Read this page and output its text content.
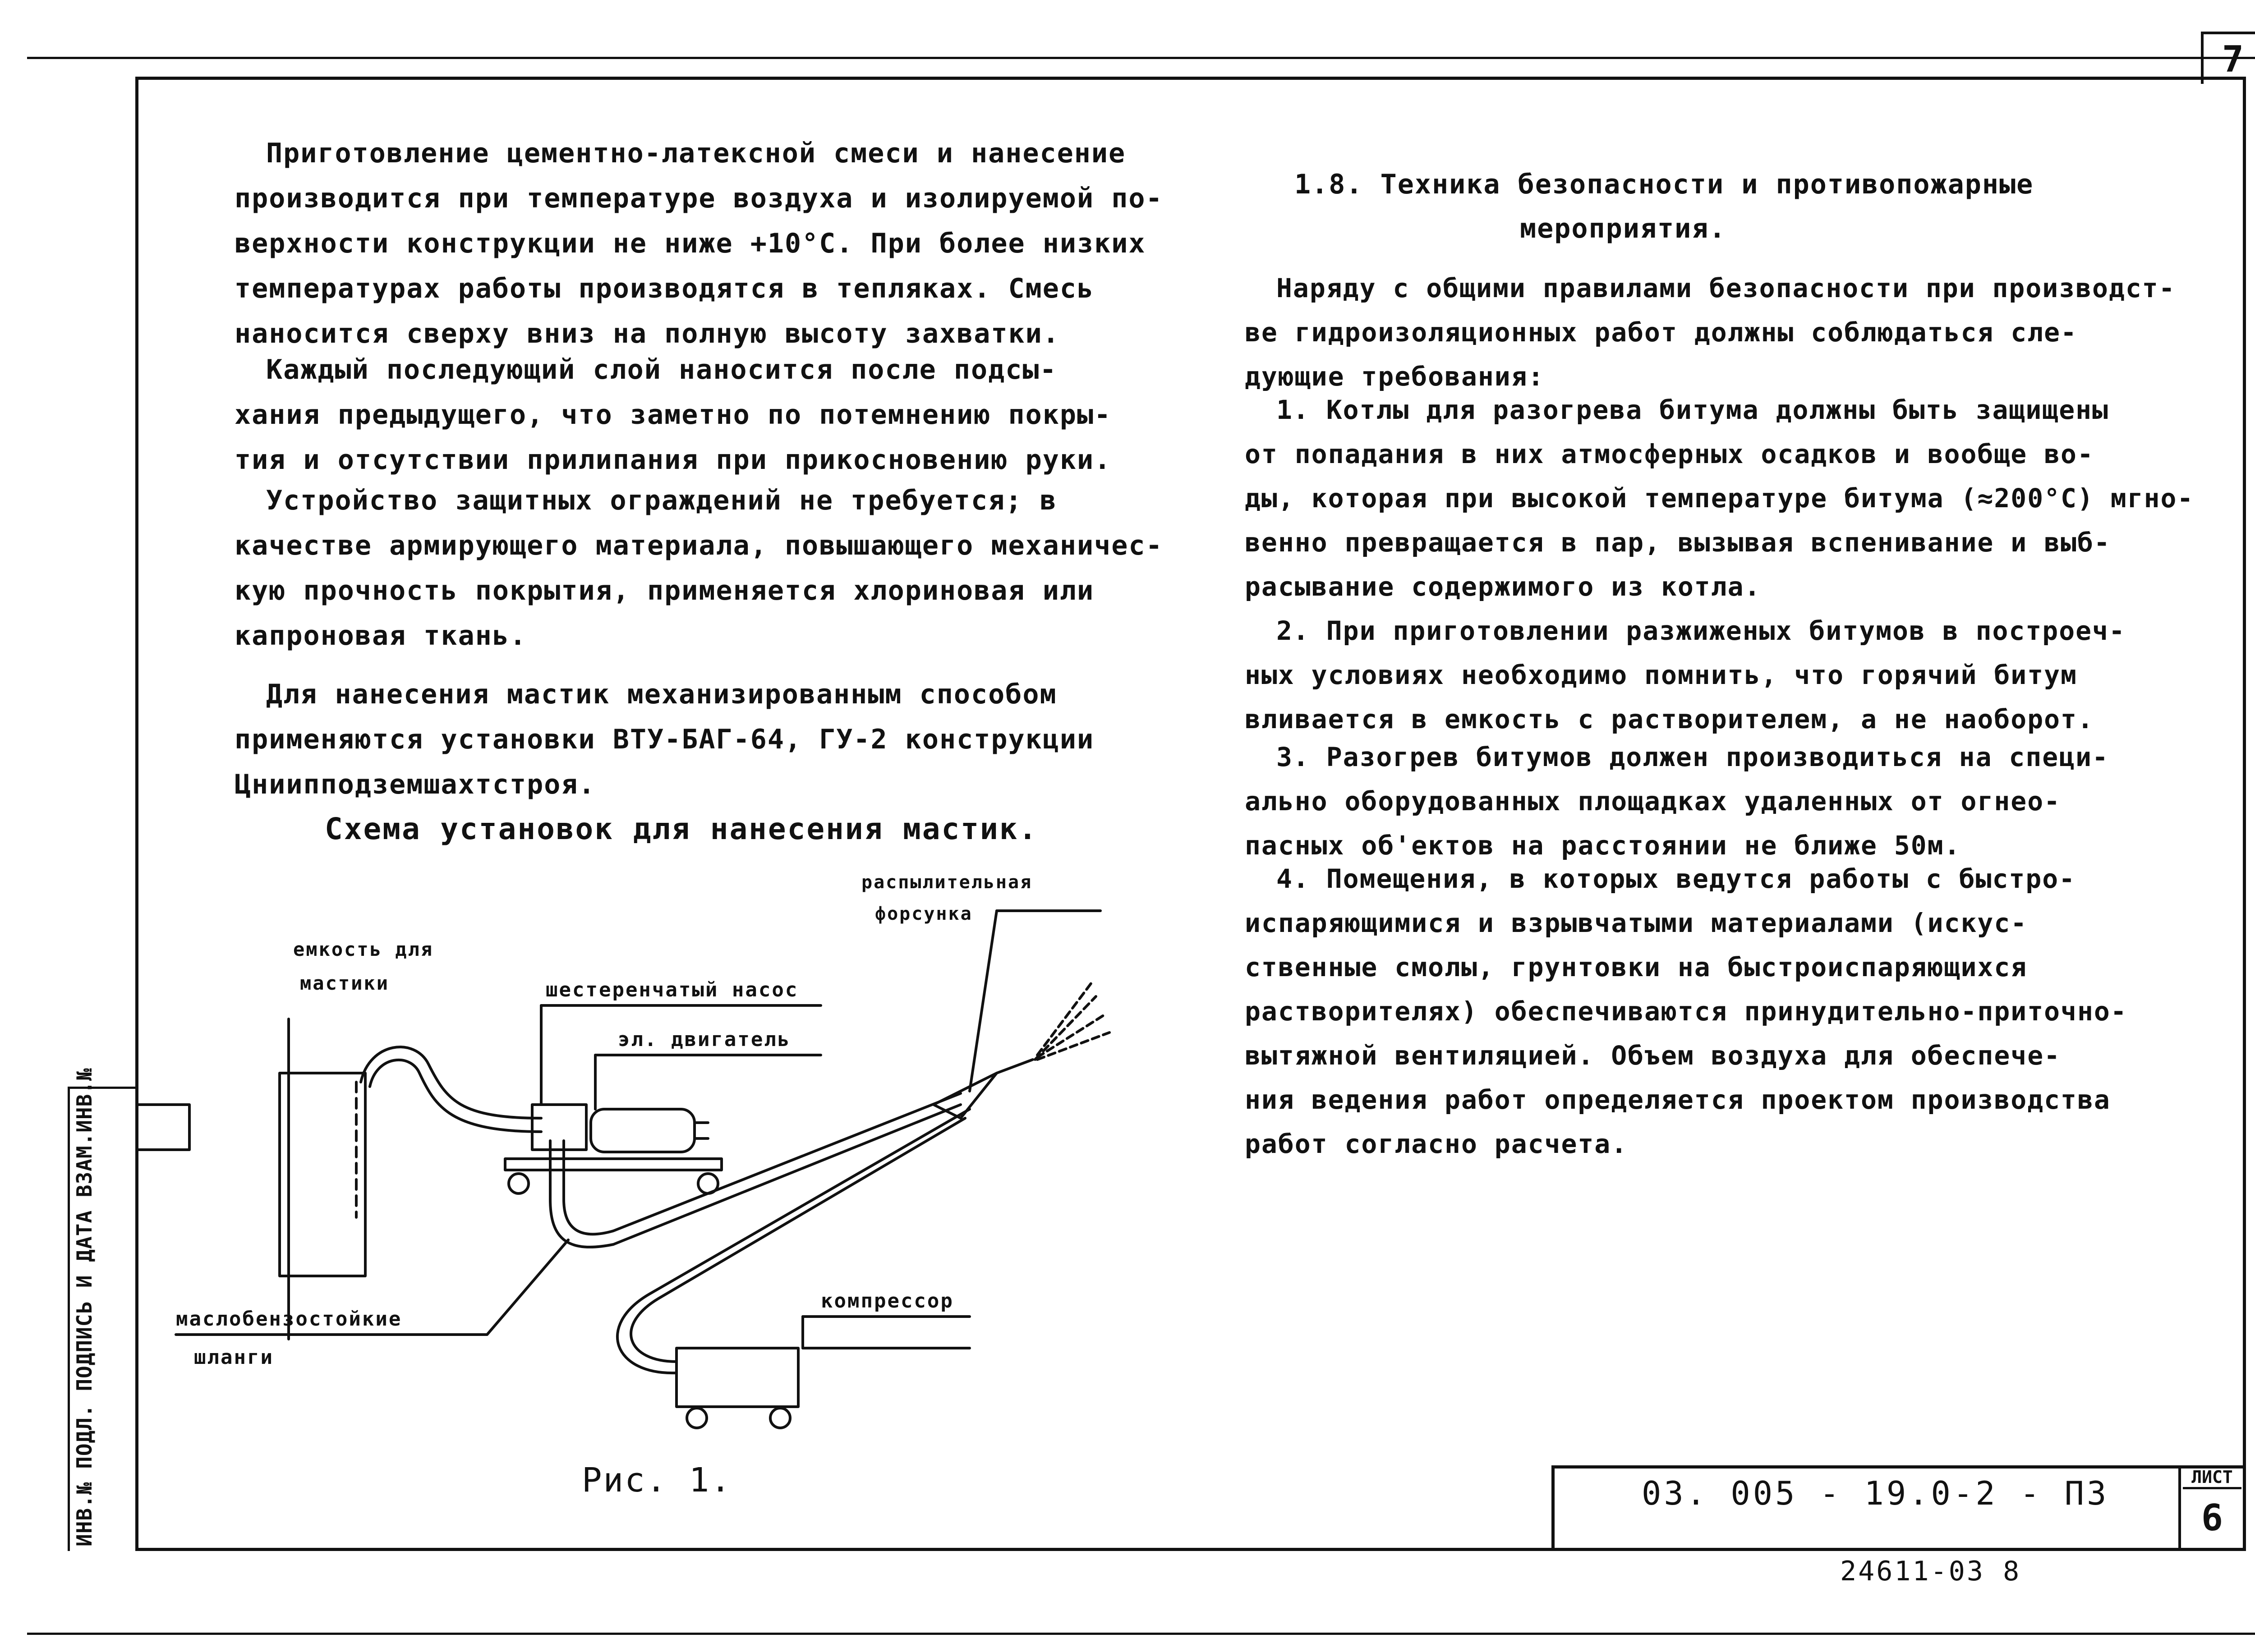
7
Приготовление цементно-латексной смеси и нанесение
производится при температуре воздуха и изолируемой по-
верхности конструкции не ниже +10°С. При более низких
температурах работы производятся в тепляках. Смесь
наносится сверху вниз на полную высоту захватки.
Каждый последующий слой наносится после подсы-
хания предыдущего, что заметно по потемнению покры-
тия и отсутствии прилипания при прикосновению руки.
Устройство защитных ограждений не требуется; в
качестве армирующего материала, повышающего механичес-
кую прочность покрытия, применяется хлориновая или
капроновая ткань.
Для нанесения мастик механизированным способом
применяются установки ВТУ-БАГ-64, ГУ-2 конструкции
Цниипподземшахтстроя.
Схема установок для нанесения мастик.
емкость для
мастики	шестеренчатый насос
эл. двигатель
распылительная
форсунка
маслобензостойкие
шланги
компрессор
Рис. 1.
1.8. Техника безопасности и противопожарные
мероприятия.
Наряду с общими правилами безопасности при производст-
ве гидроизоляционных работ должны соблюдаться сле-
дующие требования:
1. Котлы для разогрева битума должны быть защищены
от попадания в них атмосферных осадков и вообще во-
ды, которая при высокой температуре битума (≈200°С) мгно-
венно превращается в пар, вызывая вспенивание и выб-
расывание содержимого из котла.
2. При приготовлении разжиженых битумов в построеч-
ных условиях необходимо помнить, что горячий битум
вливается в емкость с растворителем, а не наоборот.
3. Разогрев битумов должен производиться на специ-
ально оборудованных площадках удаленных от огнео-
пасных об'ектов на расстоянии не ближе 50м.
4. Помещения, в которых ведутся работы с быстро-
испаряющимися и взрывчатыми материалами (искус-
ственные смолы, грунтовки на быстроиспаряющихся
растворителях) обеспечиваются принудительно-приточно-
вытяжной вентиляцией. Объем воздуха для обеспече-
ния ведения работ определяется проектом производства
работ согласно расчета.
ИНВ.№ ПОДЛ. ПОДПИСЬ И ДАТА ВЗАМ.ИНВ.№	03. 005 - 19.0-2 - ПЗ	ЛИСТ
6
24611-03 8
